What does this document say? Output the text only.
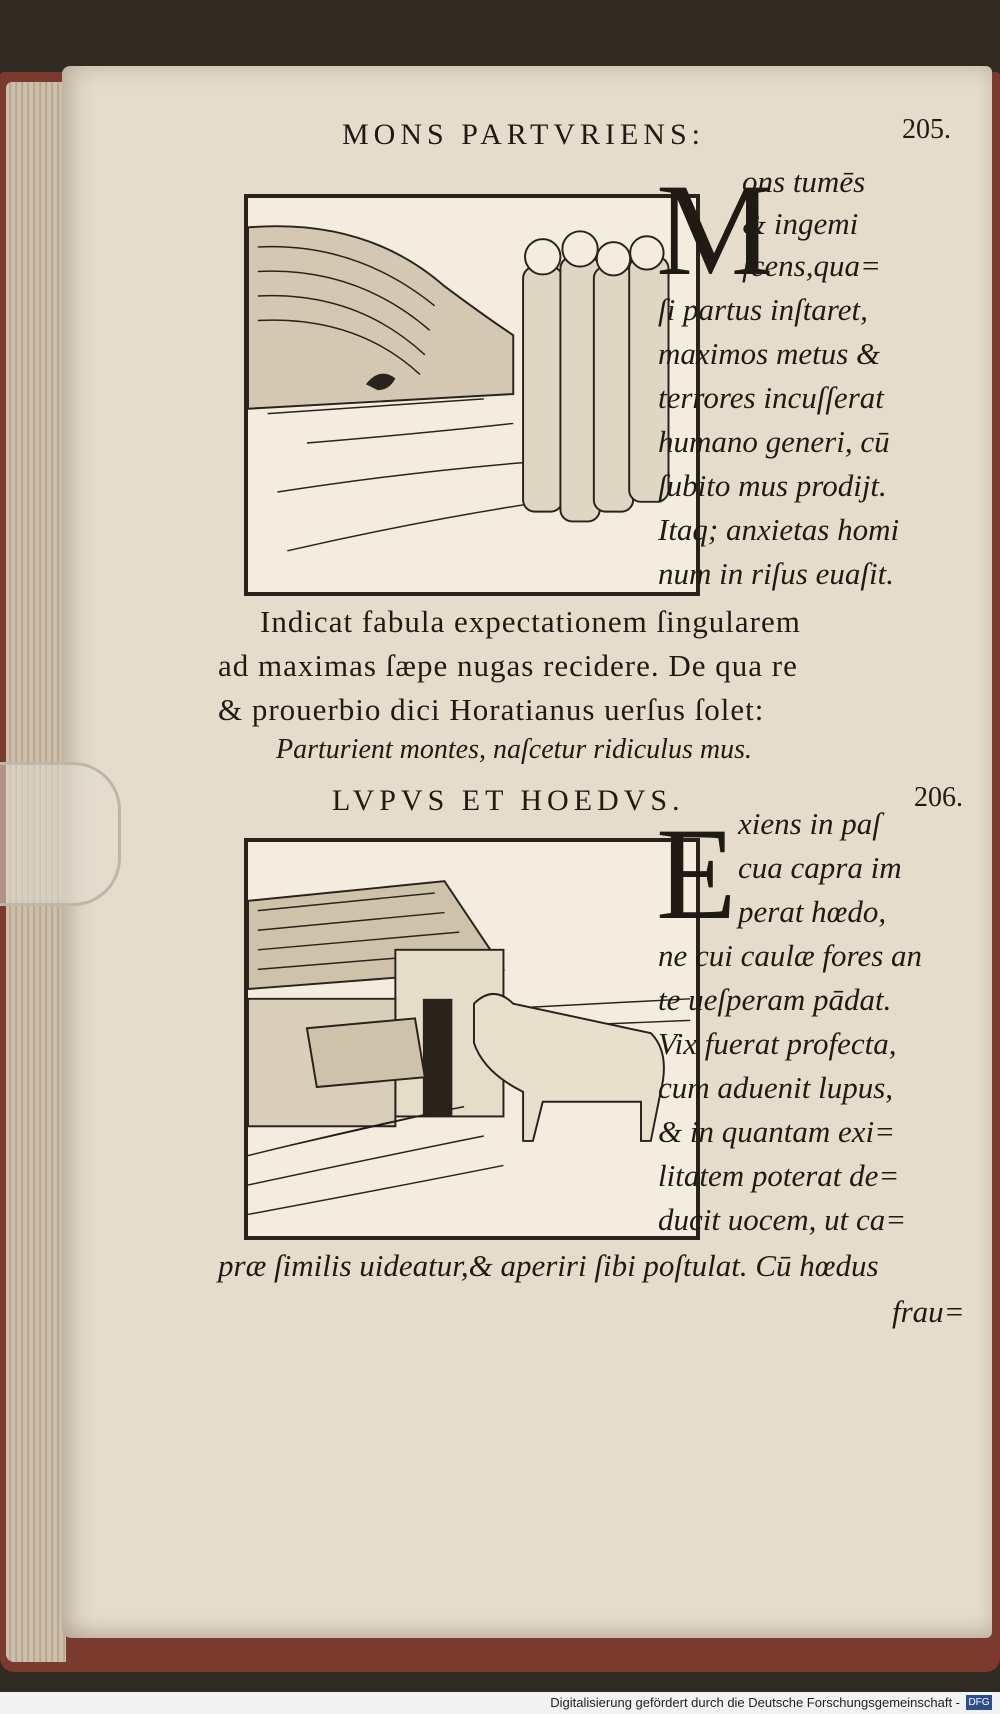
MONS PARTVRIENS:	205.
M
ons tumēs
& ingemi
ſcens,qua=
ſi partus inſtaret,
maximos metus &
terrores incuſſerat
humano generi, cū
ſubito mus prodijt.
Itaq; anxietas homi
num in riſus euaſit.
Indicat fabula expectationem ſingularem
ad maximas ſæpe nugas recidere. De qua re
& prouerbio dici Horatianus uerſus ſolet:
Parturient montes, naſcetur ridiculus mus.
LVPVS ET HOEDVS.	206.
E xiens in paſ
cua capra im
perat hœdo,
ne cui caulæ fores an
te ueſperam pādat.
Vix fuerat profecta,
cum aduenit lupus,
& in quantam exi=
litatem poterat de=
ducit uocem, ut ca=
præ ſimilis uideatur,& aperiri ſibi poſtulat. Cū hœdus
frau=
Digitalisierung gefördert durch die Deutsche Forschungsgemeinschaft - DFG
